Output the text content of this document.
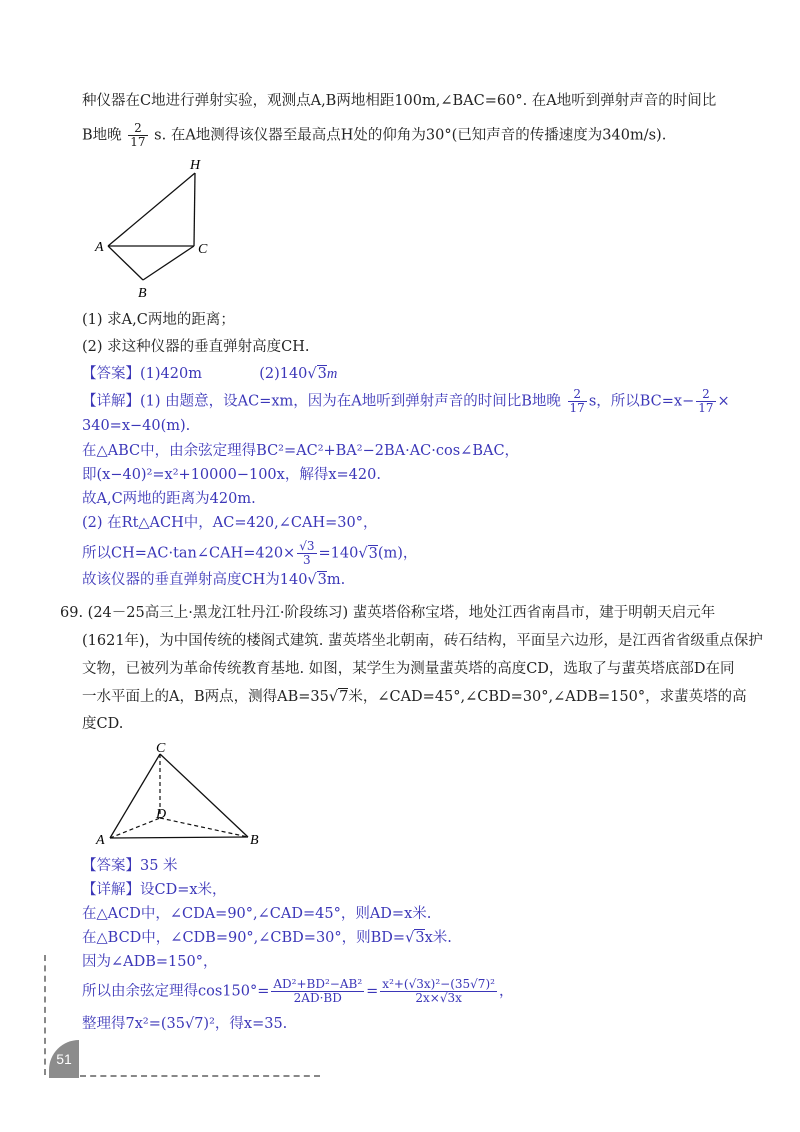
种仪器在C地进行弹射实验，观测点A,B两地相距100m,∠BAC=60°. 在A地听到弹射声音的时间比
B地晚 $\frac{2}{17} s$. 在A地测得该仪器至最高点H处的仰角为30°(已知声音的传播速度为340m/s).
H
A	C
B
(1) 求A,C两地的距离；
(2) 求这种仪器的垂直弹射高度CH.
【答案】(1)420m	(2)140√3m
【详解】(1) 由题意，设AC=xm，因为在A地听到弹射声音的时间比B地晚 $\frac{2}{17}$ s，所以$BC=x- \frac{2}{17}$ ×
340=x−40(m).
在△ABC中，由余弦定理得BC²=AC²+BA²−2BA·AC·cos∠BAC，
即(x−40)²=x²+10000−100x，解得x=420.
故A,C两地的距离为420m.
(2) 在Rt△ACH中，AC=420,∠CAH=30°，
所以CH=AC·tan∠CAH=420× $\frac{√3}{3} =140√3(m)$，
故该仪器的垂直弹射高度CH为140√3m.
69. (24－25高三上·黑龙江牡丹江·阶段练习) 蜚英塔俗称宝塔，地处江西省南昌市，建于明朝天启元年
(1621年)，为中国传统的楼阁式建筑. 蜚英塔坐北朝南，砖石结构，平面呈六边形，是江西省省级重点保护
文物，已被列为革命传统教育基地. 如图，某学生为测量蜚英塔的高度CD，选取了与蜚英塔底部D在同
一水平面上的A，B两点，测得AB=35√7米，∠CAD=45°,∠CBD=30°,∠ADB=150°，求蜚英塔的高
度CD.
C
D
A	B
【答案】35 米
【详解】设CD=x米，
在△ACD中，∠CDA=90°,∠CAD=45°，则AD=x米.
在△BCD中，∠CDB=90°,∠CBD=30°，则BD=√3x米.
因为∠ADB=150°，
所以由余弦定理得$\cos 150^\circ= \frac{\text{AD²+BD²−AB²}}{2AD\cdot BD} = \frac{\text{x²+(√3x)²−(35√7)²}}{2x\times√3x}$ ，
整理得7x²=(35√7)²，得x=35.
51
